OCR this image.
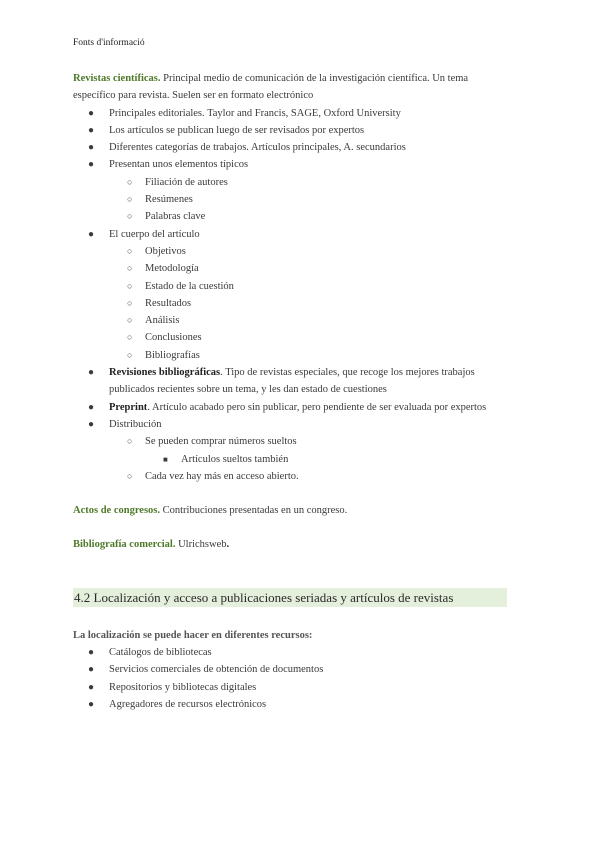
Fonts d'informació

Revistas científicas. Principal medio de comunicación de la investigación científica. Un tema específico para revista. Suelen ser en formato electrónico

● Principales editoriales. Taylor and Francis, SAGE, Oxford University
● Los artículos se publican luego de ser revisados por expertos
● Diferentes categorías de trabajos. Artículos principales, A. secundarios
● Presentan unos elementos típicos
○ Filiación de autores
○ Resúmenes
○ Palabras clave
● El cuerpo del artículo
○ Objetivos
○ Metodología
○ Estado de la cuestión
○ Resultados
○ Análisis
○ Conclusiones
○ Bibliografías
● Revisiones bibliográficas. Tipo de revistas especiales, que recoge los mejores trabajos publicados recientes sobre un tema, y les dan estado de cuestiones
● Preprint. Artículo acabado pero sin publicar, pero pendiente de ser evaluada por expertos
● Distribución
○ Se pueden comprar números sueltos
■ Artículos sueltos también
○ Cada vez hay más en acceso abierto.

Actos de congresos. Contribuciones presentadas en un congreso.

Bibliografía comercial. Ulrichsweb.

4.2 Localización y acceso a publicaciones seriadas y artículos de revistas

La localización se puede hacer en diferentes recursos:

● Catálogos de bibliotecas
● Servicios comerciales de obtención de documentos
● Repositorios y bibliotecas digitales
● Agregadores de recursos electrónicos
